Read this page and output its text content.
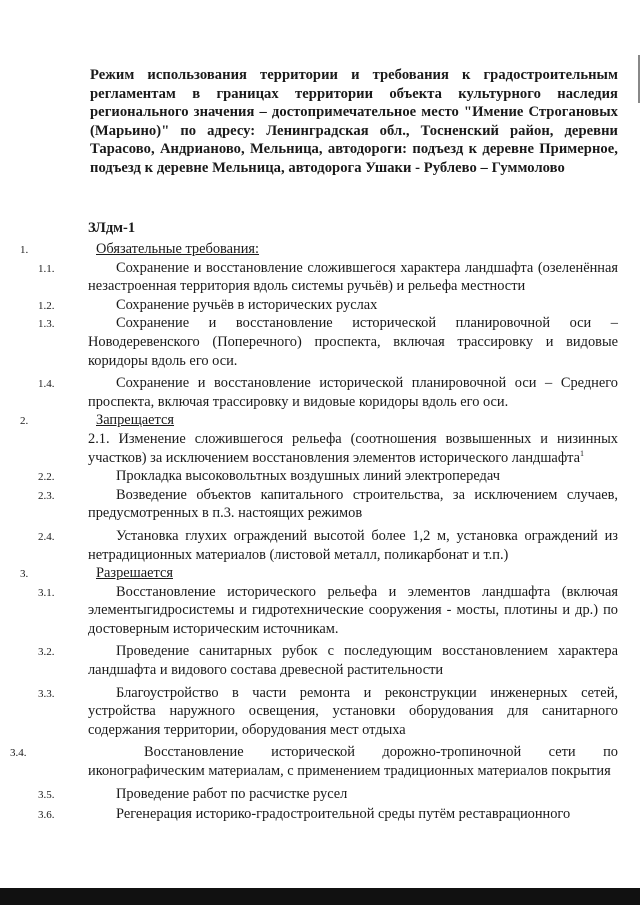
Режим использования территории и требования к градостроительным регламентам в границах территории объекта культурного наследия регионального значения – достопримечательное место "Имение Строгановых (Марьино)" по адресу: Ленинградская обл., Тосненский район, деревни Тарасово, Андрианово, Мельница, автодороги: подъезд к деревне Примерное, подъезд к деревне Мельница, автодорога Ушаки - Рублево – Гуммолово
ЗЛдм-1
1.	Обязательные требования:
1.1.	Сохранение и восстановление сложившегося характера ландшафта (озеленённая незастроенная территория вдоль системы ручьёв) и рельефа местности
1.2.	Сохранение ручьёв в исторических руслах
1.3.	Сохранение и восстановление исторической планировочной оси – Новодеревенского (Поперечного) проспекта, включая трассировку и видовые коридоры вдоль его оси.
1.4.	Сохранение и восстановление исторической планировочной оси – Среднего проспекта, включая трассировку и видовые коридоры вдоль его оси.
2.	Запрещается
2.1. Изменение сложившегося рельефа (соотношения возвышенных и низинных участков) за исключением восстановления элементов исторического ландшафта$^1$
2.2.	Прокладка высоковольтных воздушных линий электропередач
2.3.	Возведение объектов капитального строительства, за исключением случаев, предусмотренных в п.3. настоящих режимов
2.4.	Установка глухих ограждений высотой более 1,2 м, установка ограждений из нетрадиционных материалов (листовой металл, поликарбонат и т.п.)
3.	Разрешается
3.1.	Восстановление исторического рельефа и элементов ландшафта (включая элементыгидросистемы и гидротехнические сооружения - мосты, плотины и др.) по достоверным историческим источникам.
3.2.	Проведение санитарных рубок с последующим восстановлением характера ландшафта и видового состава древесной растительности
3.3.	Благоустройство в части ремонта и реконструкции инженерных сетей, устройства наружного освещения, установки оборудования для санитарного содержания территории, оборудования мест отдыха
3.4.	Восстановление исторической дорожно-тропиночной сети по иконографическим материалам, с применением традиционных материалов покрытия
3.5.	Проведение работ по расчистке русел
3.6.	Регенерация историко-градостроительной среды путём реставрационного
